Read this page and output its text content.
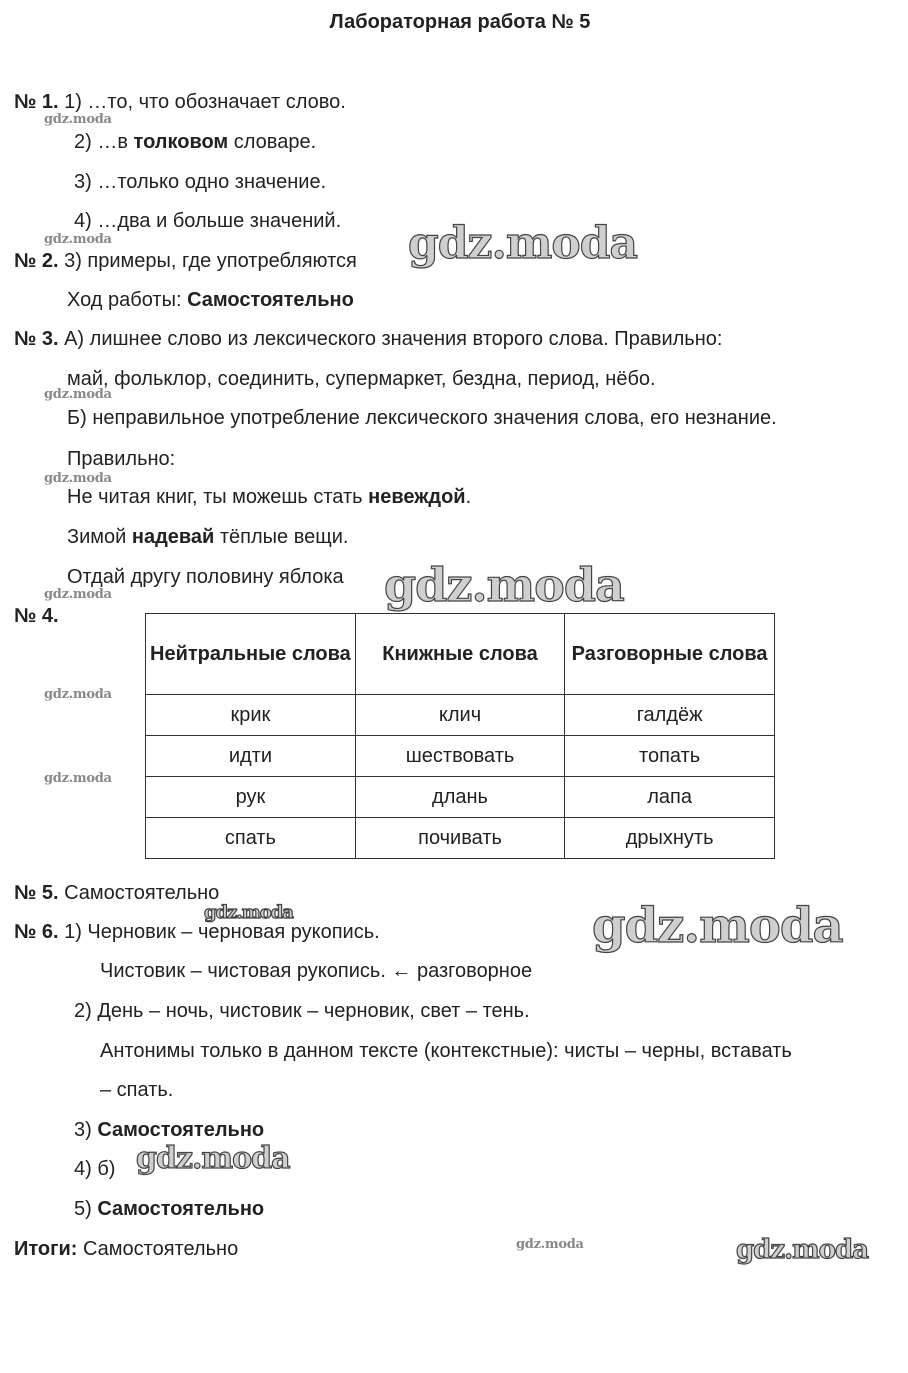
Лабораторная работа № 5
№ 1. 1) …то, что обозначает слово.
2) …в толковом словаре.
3) …только одно значение.
4) …два и больше значений.
№ 2. 3) примеры, где употребляются
Ход работы: Самостоятельно
№ 3. А) лишнее слово из лексического значения второго слова. Правильно:
май, фольклор, соединить, супермаркет, бездна, период, нёбо.
Б) неправильное употребление лексического значения слова, его незнание.
Правильно:
Не читая книг, ты можешь стать невеждой.
Зимой надевай тёплые вещи.
Отдай другу половину яблока
№ 4.
Нейтральные слова	Книжные слова	Разговорные слова
крик	клич	галдёж
идти	шествовать	топать
рук	длань	лапа
спать	почивать	дрыхнуть
№ 5. Самостоятельно
№ 6. 1) Черновик – черновая рукопись.
Чистовик – чистовая рукопись. ← разговорное
2) День – ночь, чистовик – черновик, свет – тень.
Антонимы только в данном тексте (контекстные): чисты – черны, вставать
– спать.
3) Самостоятельно
4) б)
5) Самостоятельно
Итоги: Самостоятельно
gdz.moda
gdz.moda
gdz.moda
gdz.moda
gdz.moda
gdz.moda
gdz.moda
gdz.moda
gdz.moda
gdz.moda
gdz.moda
gdz.moda
gdz.moda
gdz.moda
